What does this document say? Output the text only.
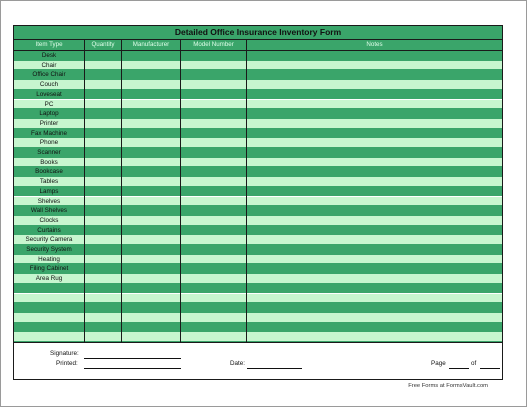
Detailed Office Insurance Inventory Form
Item Type	Quantity	Manufacturer	Model Number	Notes
Desk
Chair
Office Chair
Couch
Loveseat
PC
Laptop
Printer
Fax Machine
Phone
Scanner
Books
Bookcase
Tables
Lamps
Shelves
Wall Shelves
Clocks
Curtains
Security Camera
Security System
Heating
Filing Cabinet
Area Rug
Signature:
Printed:	Date:	Page	of
Free Forms at FormsVault.com
